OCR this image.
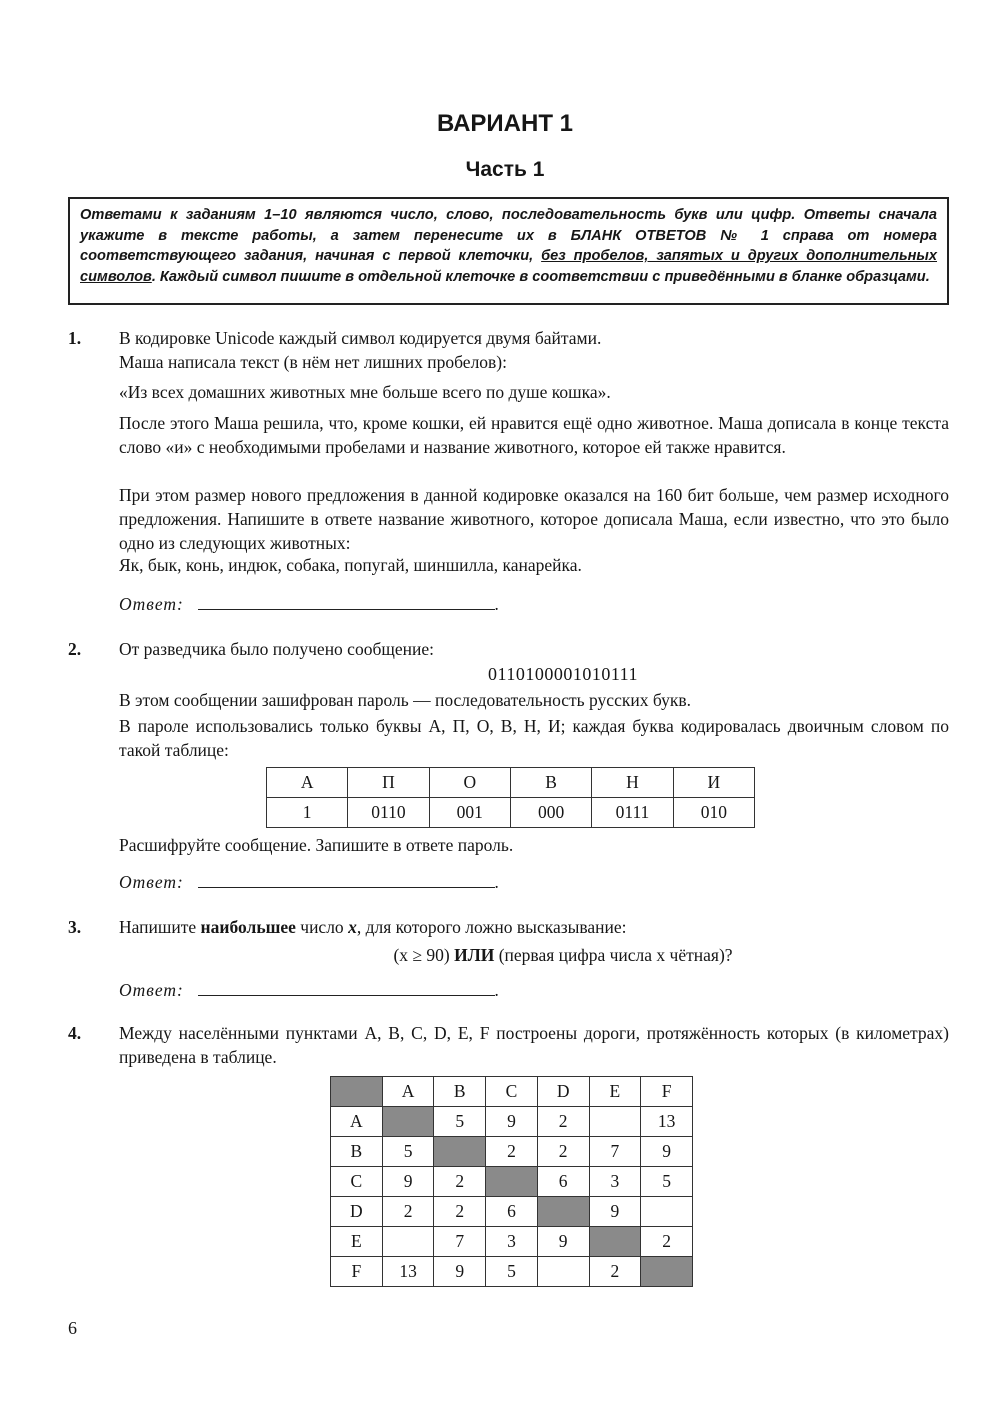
ВАРИАНТ 1
Часть 1
Ответами к заданиям 1–10 являются число, слово, последовательность букв или цифр. Ответы сначала укажите в тексте работы, а затем перенесите их в БЛАНК ОТВЕТОВ № 1 справа от номера соответствующего задания, начиная с первой клеточки, без пробелов, запятых и других дополнительных символов. Каждый символ пишите в отдельной клеточке в соответствии с приведёнными в бланке образцами.
1. В кодировке Unicode каждый символ кодируется двумя байтами.
Маша написала текст (в нём нет лишних пробелов):
«Из всех домашних животных мне больше всего по душе кошка».
После этого Маша решила, что, кроме кошки, ей нравится ещё одно животное. Маша дописала в конце текста слово «и» с необходимыми пробелами и название животного, которое ей также нравится.
При этом размер нового предложения в данной кодировке оказался на 160 бит больше, чем размер исходного предложения. Напишите в ответе название животного, которое дописала Маша, если известно, что это было одно из следующих животных:
Як, бык, конь, индюк, собака, попугай, шиншилла, канарейка.
Ответ:	.
2. От разведчика было получено сообщение:
0110100001010111
В этом сообщении зашифрован пароль — последовательность русских букв.
В пароле использовались только буквы А, П, О, В, Н, И; каждая буква кодировалась двоичным словом по такой таблице:
А	П	О	В	Н	И
1	0110	001	000	0111	010
Расшифруйте сообщение. Запишите в ответе пароль.
Ответ:	.
3. Напишите наибольшее число x, для которого ложно высказывание:
(x ≥ 90) ИЛИ (первая цифра числа x чётная)?
Ответ:	.
4. Между населёнными пунктами A, B, C, D, E, F построены дороги, протяжённость которых (в километрах) приведена в таблице.
	A	B	C	D	E	F
A		5	9	2		13
B	5		2	2	7	9
C	9	2		6	3	5
D	2	2	6		9	
E		7	3	9		2
F	13	9	5		2	
6
